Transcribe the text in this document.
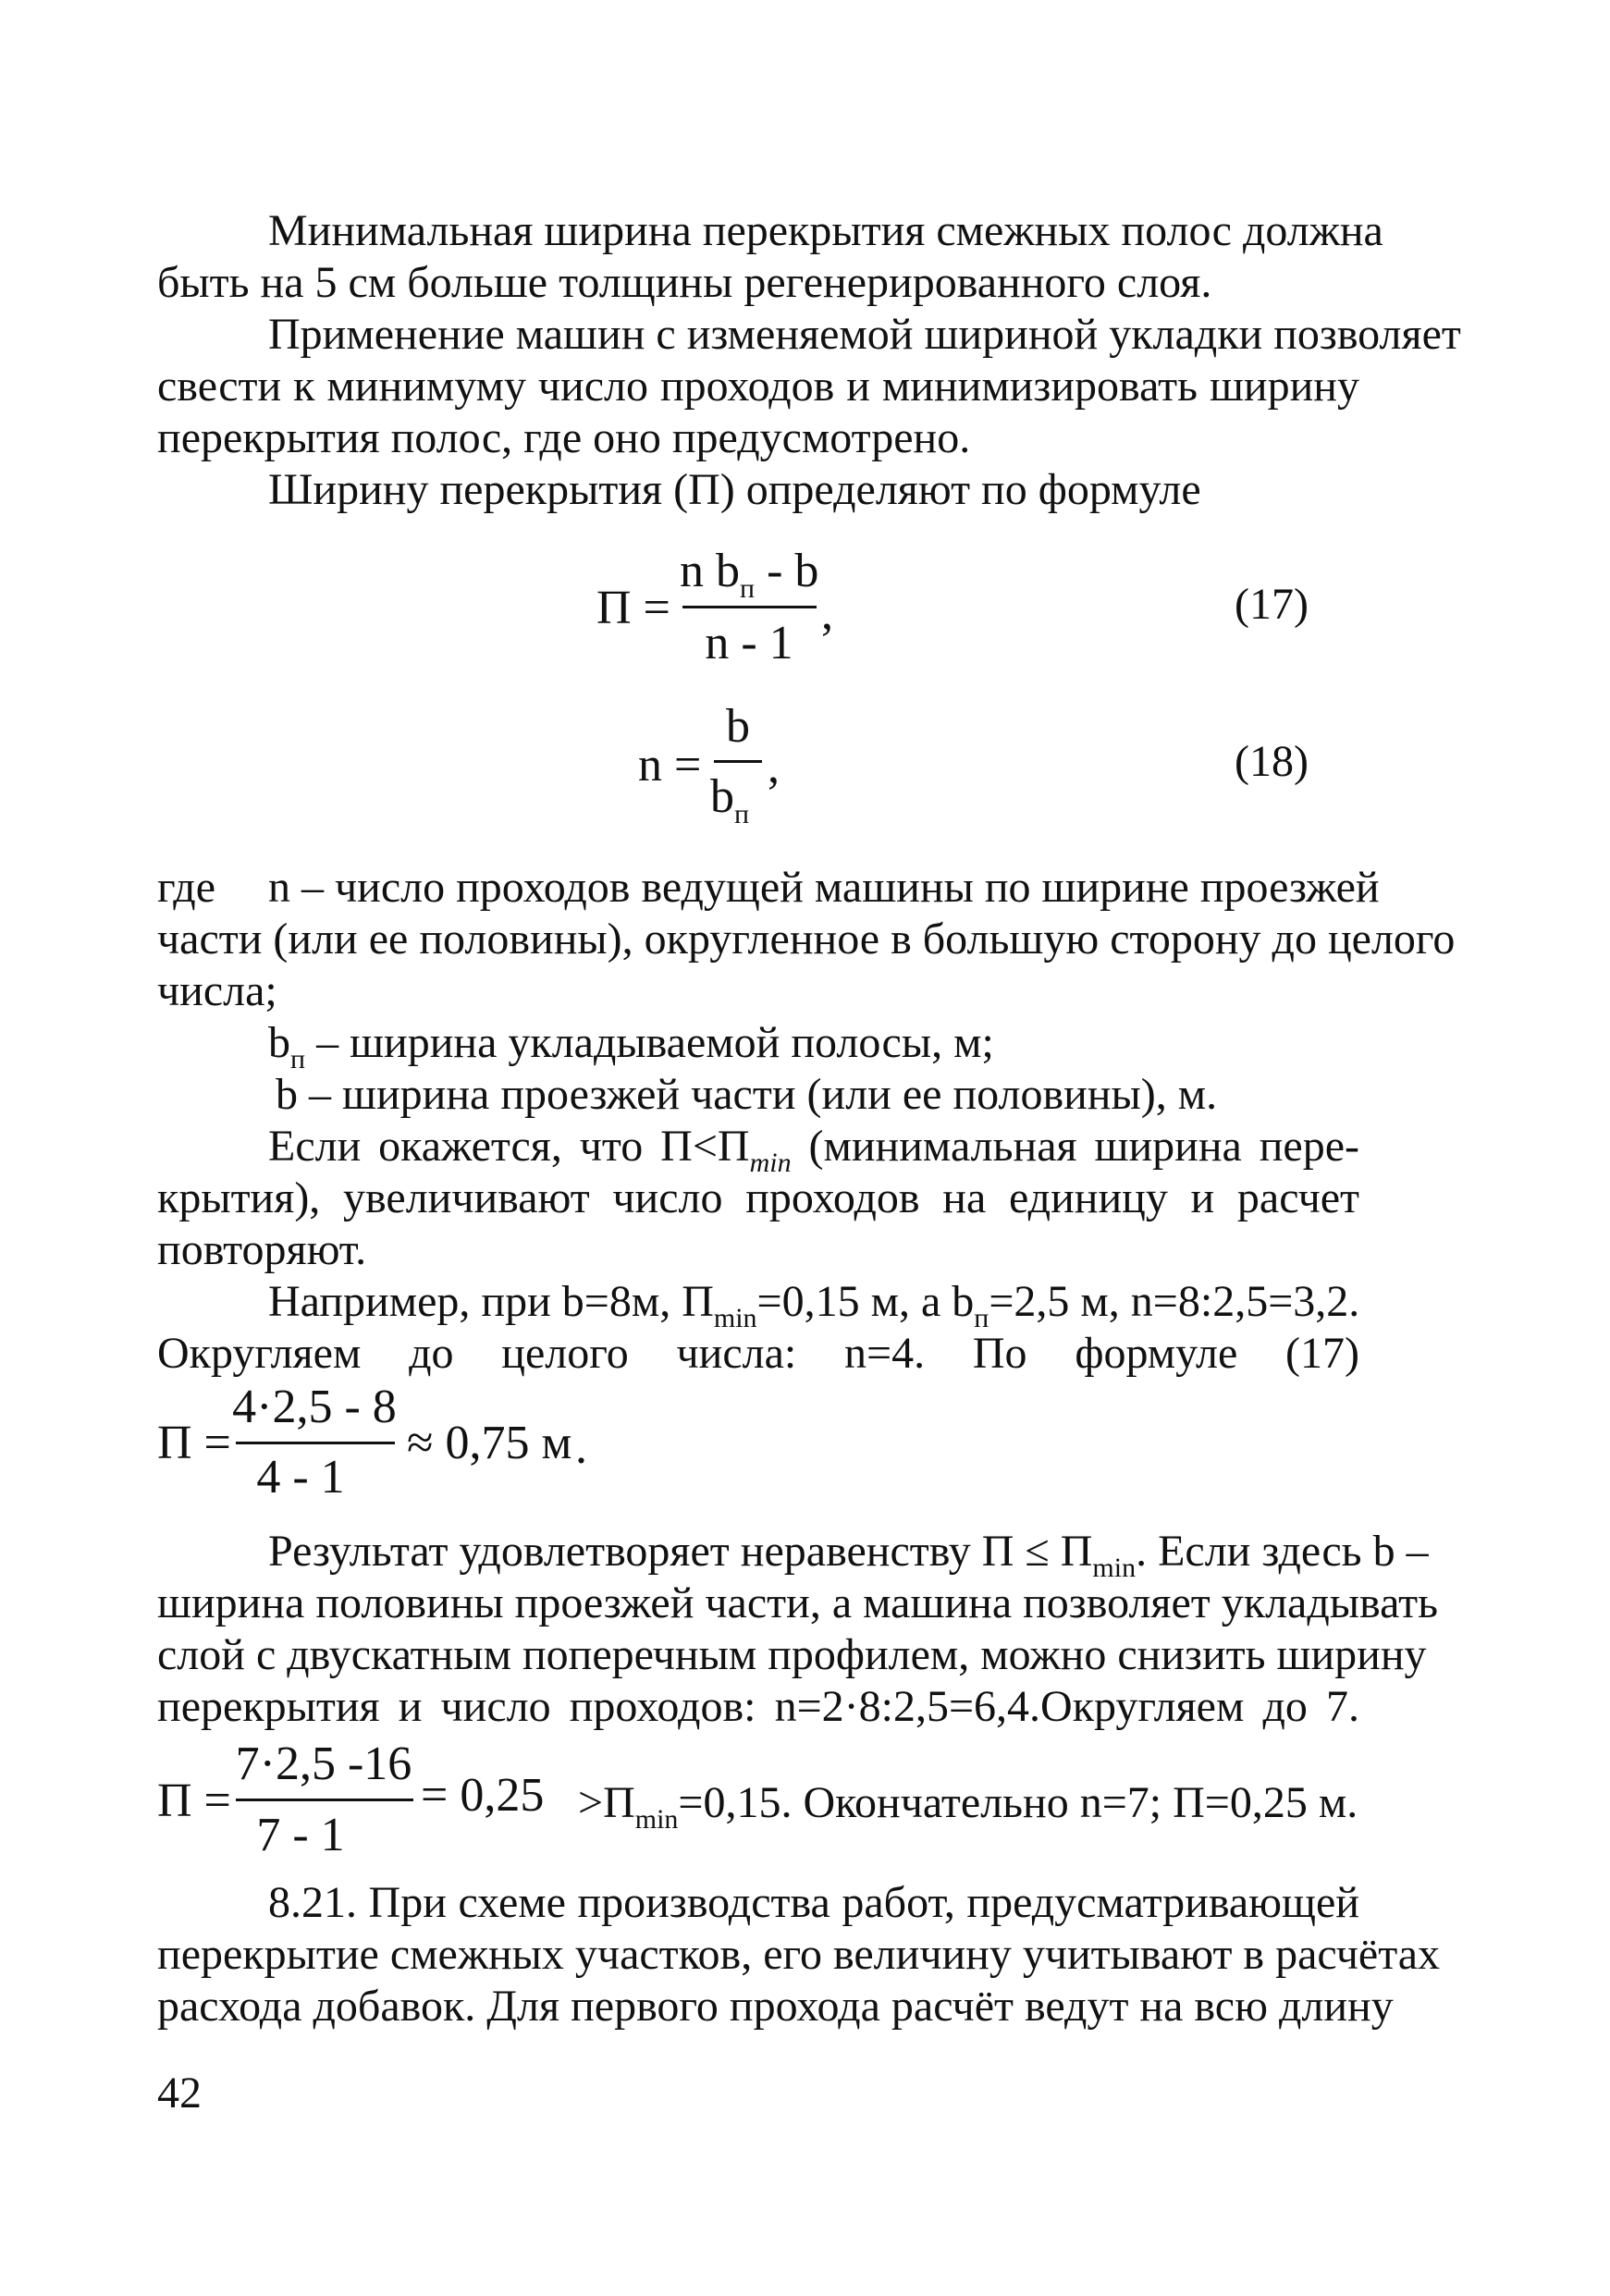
Минимальная ширина перекрытия смежных полос должна
быть на 5 см больше толщины регенерированного слоя.
Применение машин с изменяемой шириной укладки позволяет
свести к минимуму число проходов и минимизировать ширину
перекрытия полос, где оно предусмотрено.
Ширину перекрытия (П) определяют по формуле
П =
n $b_п$ - b
n - 1
,	(17)
n =
b
$b_п$
,	(18)
где n – число проходов ведущей машины по ширине проезжей
части (или ее половины), округленное в большую сторону до целого
числа;
$b_п$ – ширина укладываемой полосы, м;
b – ширина проезжей части (или ее половины), м.
Если окажется, что $П<П_{min}$ (минимальная ширина пере-
крытия), увеличивают число проходов на единицу и расчет
повторяют.
Например, при b=8м, $П_{min}=0,15$ м, а $b_п=2,5$ м, n=8:2,5=3,2.
Округляем до целого числа: n=4. По формуле (17)
П =
4·2,5 - 8
4 - 1
≈ 0,75 м .
Результат удовлетворяет неравенству $П \le П_{min}$. Если здесь b –
ширина половины проезжей части, а машина позволяет укладывать
слой с двускатным поперечным профилем, можно снизить ширину
перекрытия и число проходов: n=2·8:2,5=6,4.Округляем до 7.
П =
7·2,5 -16
7 - 1
= $0,25 >П_{min}=0,15$. Окончательно n=7; П=0,25 м.
8.21. При схеме производства работ, предусматривающей
перекрытие смежных участков, его величину учитывают в расчётах
расхода добавок. Для первого прохода расчёт ведут на всю длину
42
